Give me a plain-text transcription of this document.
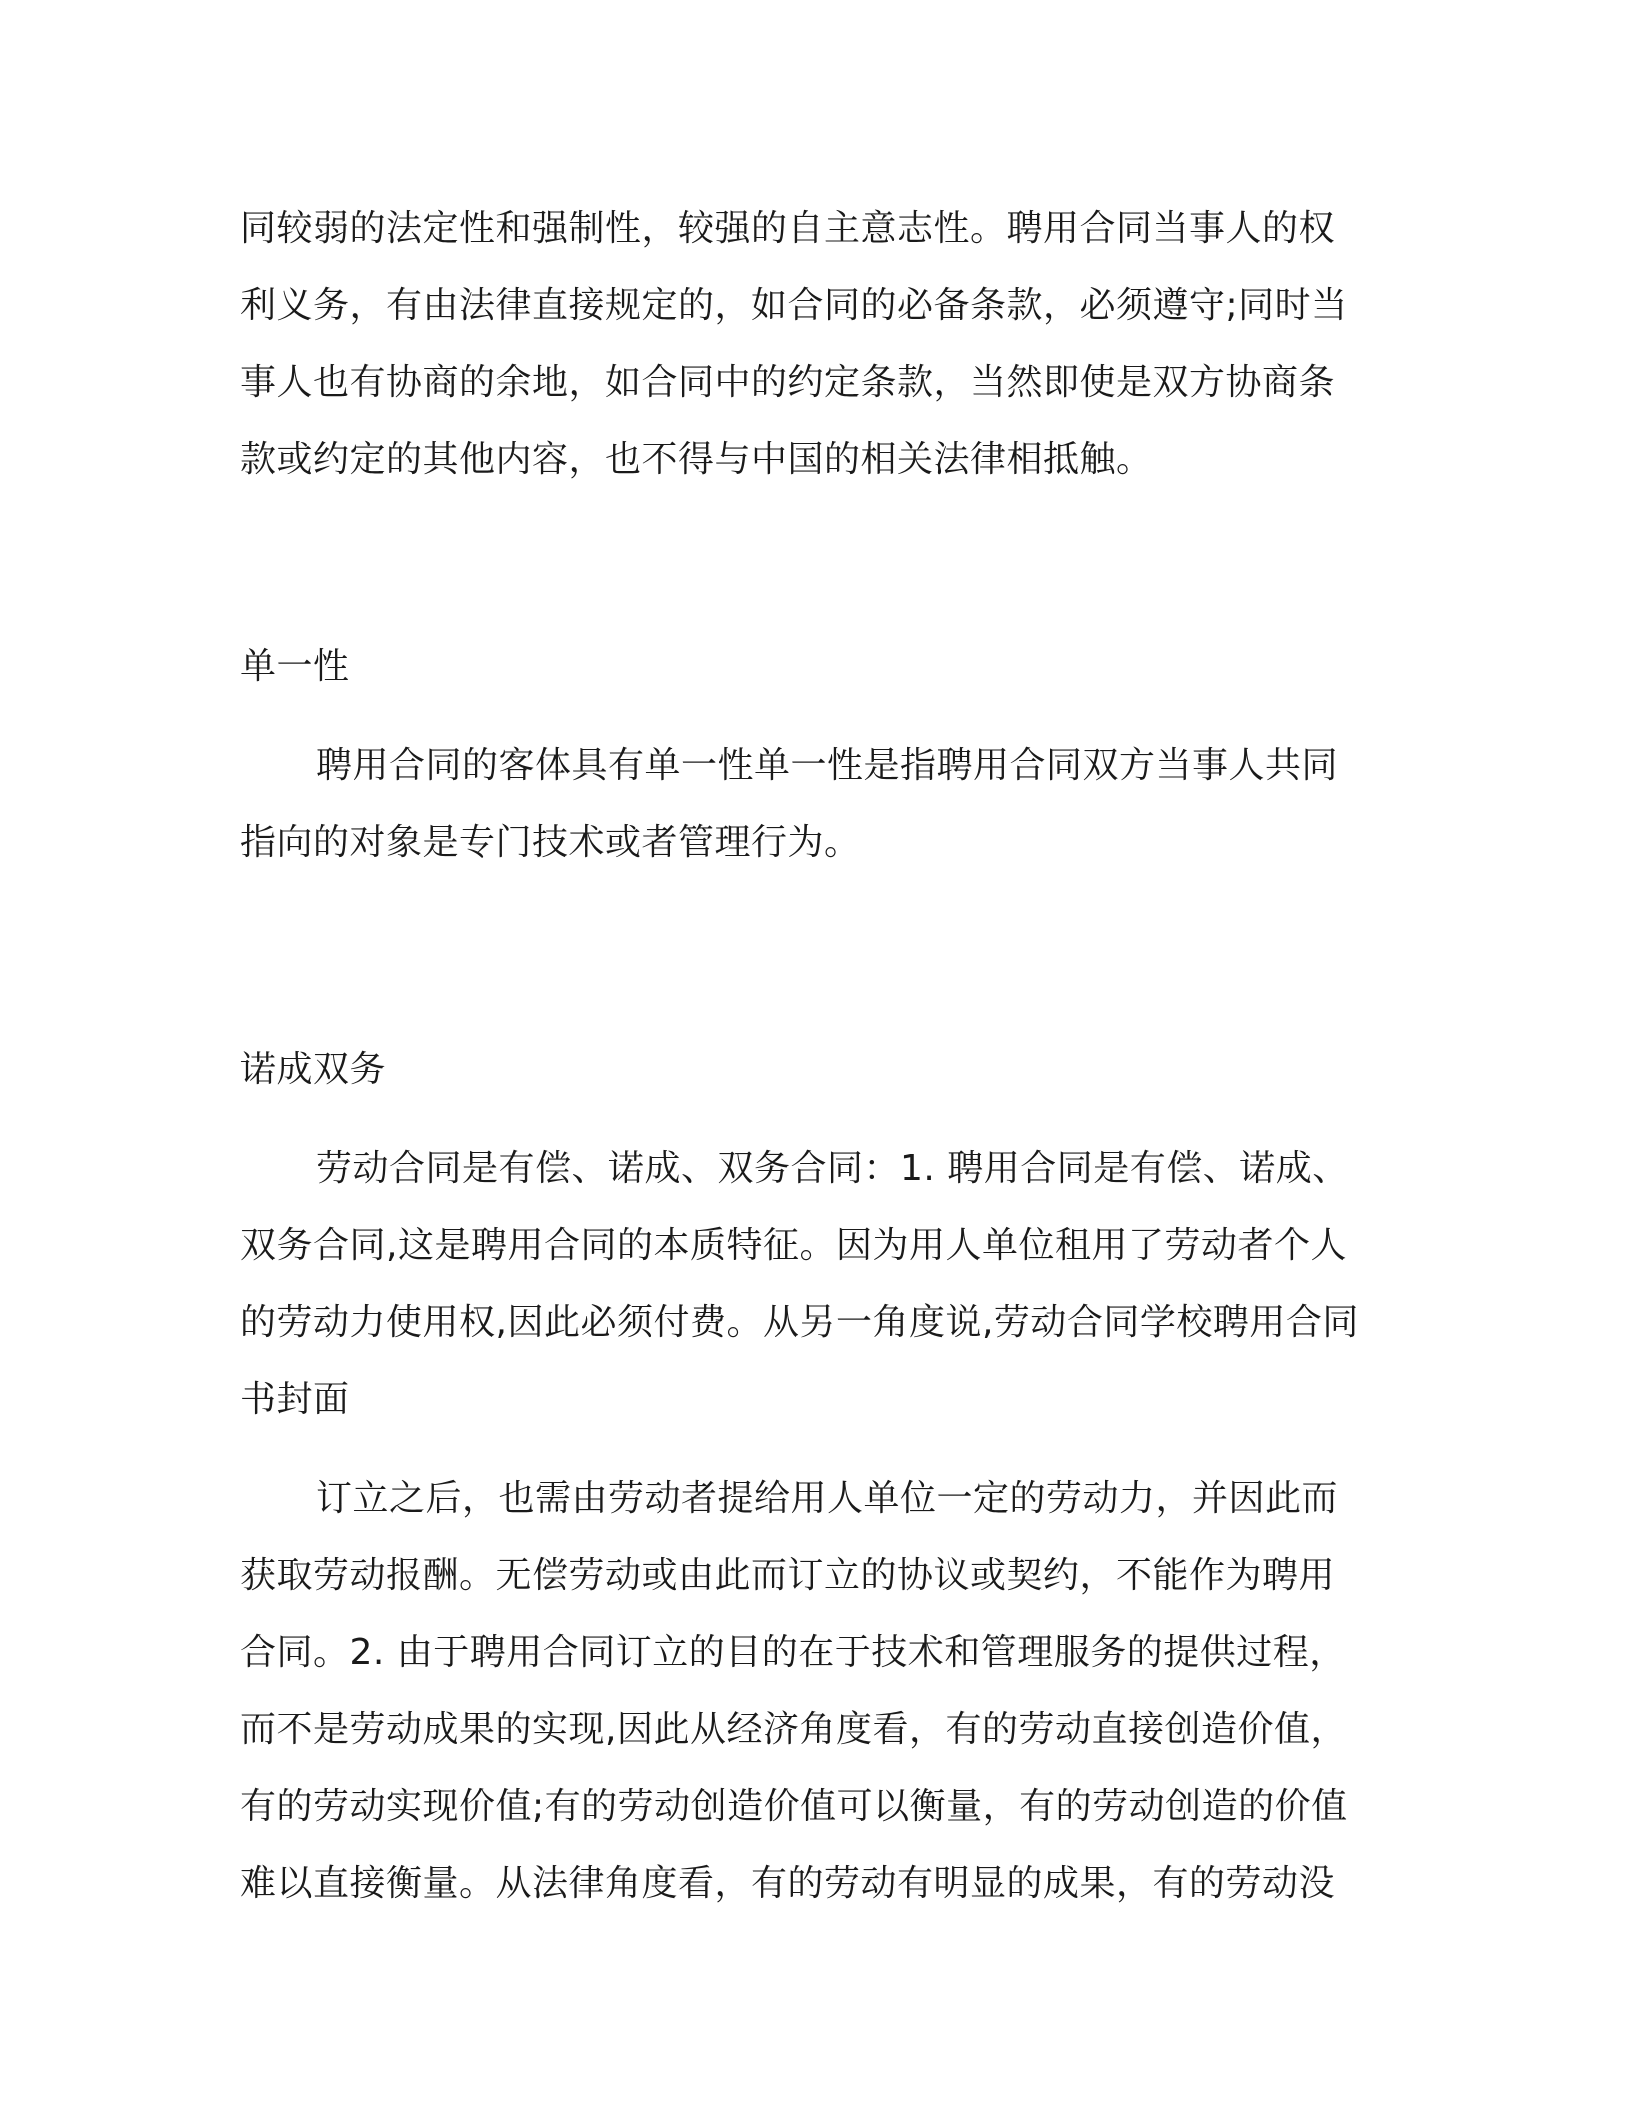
同较弱的法定性和强制性，较强的自主意志性。聘用合同当事人的权
利义务，有由法律直接规定的，如合同的必备条款，必须遵守;同时当
事人也有协商的余地，如合同中的约定条款，当然即使是双方协商条
款或约定的其他内容，也不得与中国的相关法律相抵触。
单一性
聘用合同的客体具有单一性单一性是指聘用合同双方当事人共同
指向的对象是专门技术或者管理行为。
诺成双务
劳动合同是有偿、诺成、双务合同：1. 聘用合同是有偿、诺成、
双务合同,这是聘用合同的本质特征。因为用人单位租用了劳动者个人
的劳动力使用权,因此必须付费。从另一角度说,劳动合同学校聘用合同
书封面
订立之后，也需由劳动者提给用人单位一定的劳动力，并因此而
获取劳动报酬。无偿劳动或由此而订立的协议或契约，不能作为聘用
合同。2. 由于聘用合同订立的目的在于技术和管理服务的提供过程，
而不是劳动成果的实现,因此从经济角度看，有的劳动直接创造价值，
有的劳动实现价值;有的劳动创造价值可以衡量，有的劳动创造的价值
难以直接衡量。从法律角度看，有的劳动有明显的成果，有的劳动没
